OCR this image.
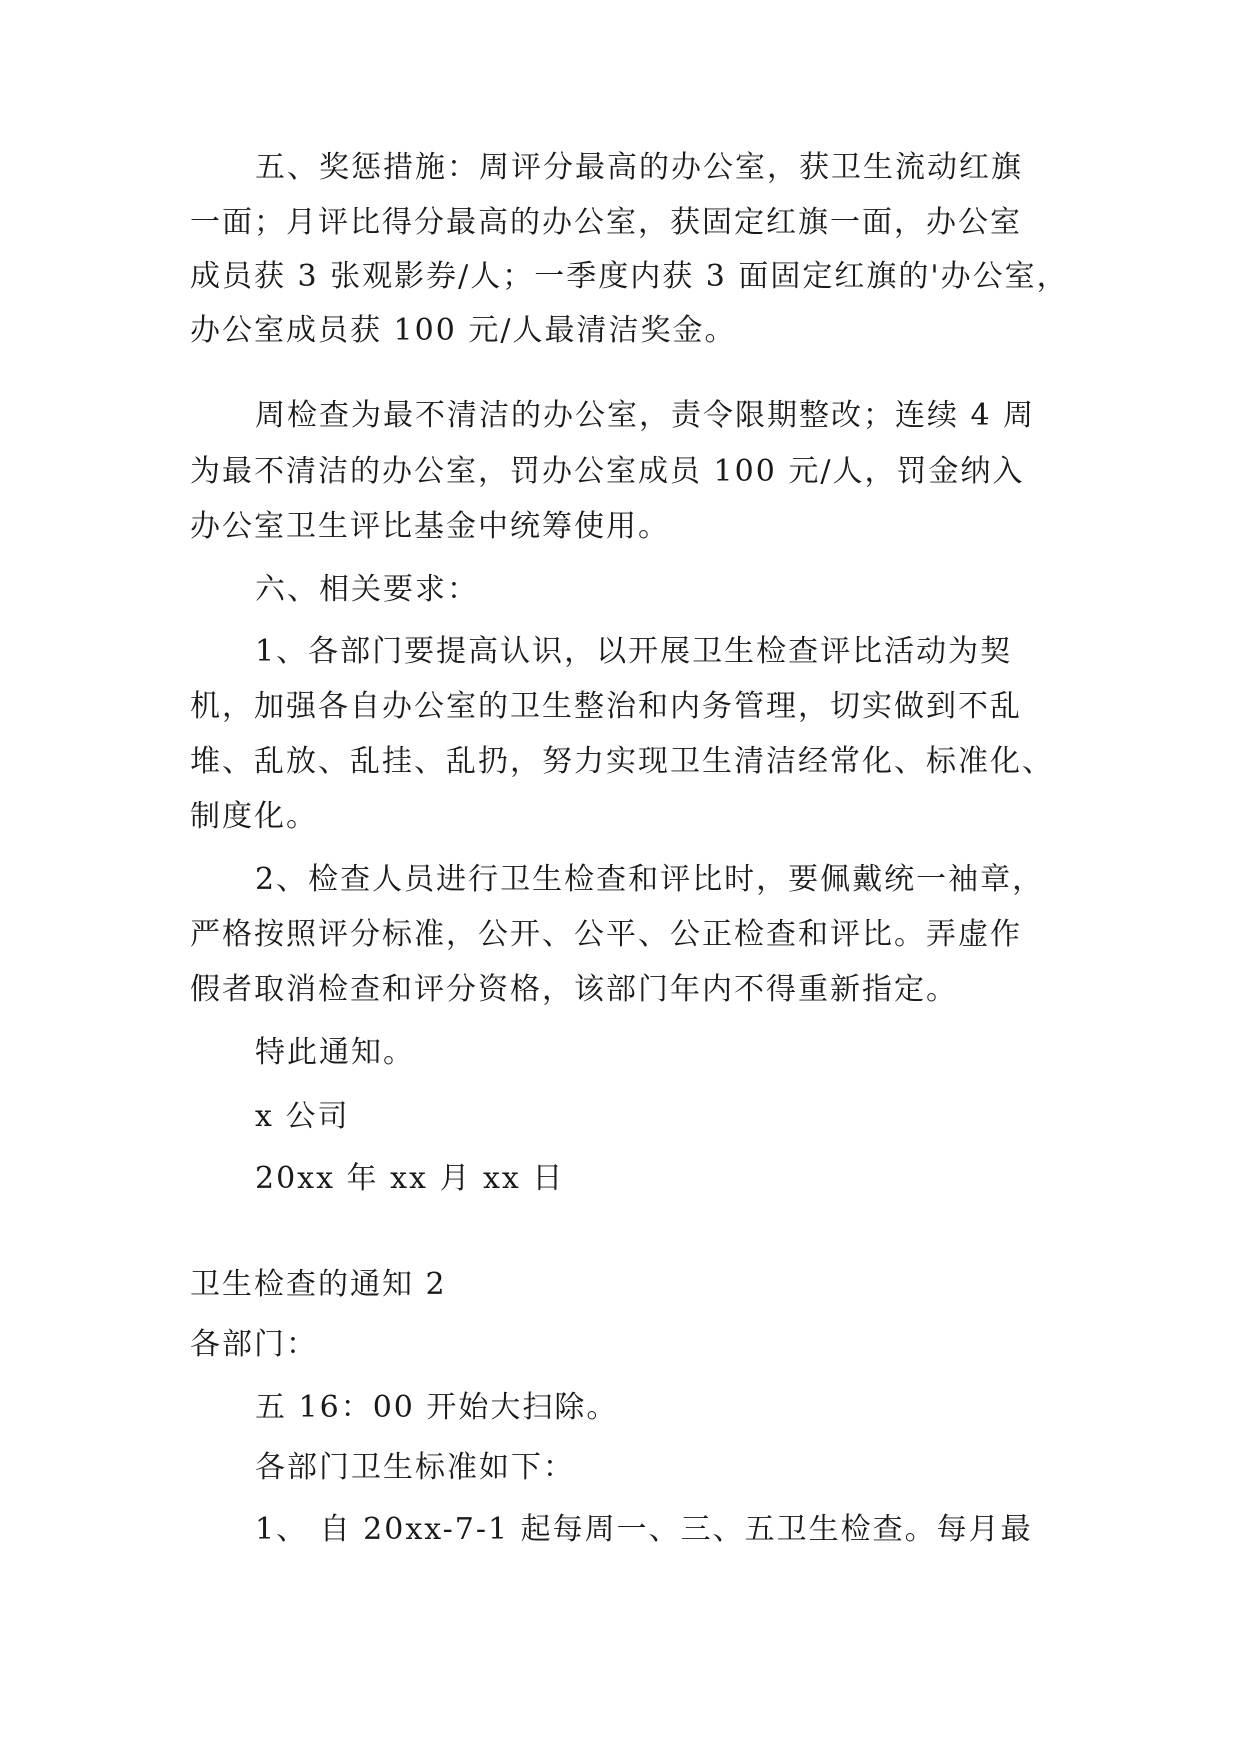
五、奖惩措施：周评分最高的办公室，获卫生流动红旗
一面；月评比得分最高的办公室，获固定红旗一面，办公室
成员获 3 张观影券/人；一季度内获 3 面固定红旗的'办公室，
办公室成员获 100 元/人最清洁奖金。
周检查为最不清洁的办公室，责令限期整改；连续 4 周
为最不清洁的办公室，罚办公室成员 100 元/人，罚金纳入
办公室卫生评比基金中统筹使用。
六、相关要求：
1、各部门要提高认识，以开展卫生检查评比活动为契
机，加强各自办公室的卫生整治和内务管理，切实做到不乱
堆、乱放、乱挂、乱扔，努力实现卫生清洁经常化、标准化、
制度化。
2、检查人员进行卫生检查和评比时，要佩戴统一袖章，
严格按照评分标准，公开、公平、公正检查和评比。弄虚作
假者取消检查和评分资格，该部门年内不得重新指定。
特此通知。
x 公司
20xx 年 xx 月 xx 日
卫生检查的通知 2
各部门：
五 16：00 开始大扫除。
各部门卫生标准如下：
1、 自 20xx-7-1 起每周一、三、五卫生检查。每月最
